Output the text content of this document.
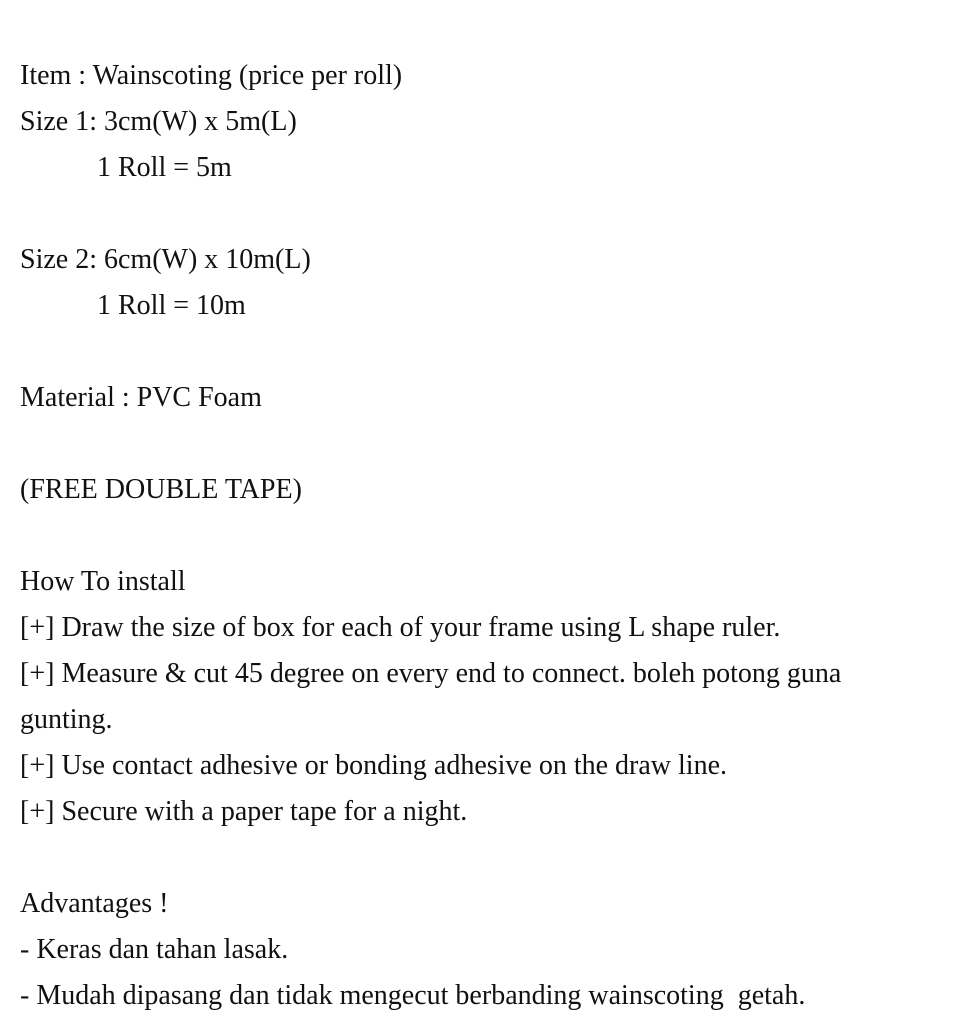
Item : Wainscoting (price per roll)
Size 1: 3cm(W) x 5m(L)
1 Roll = 5m
Size 2: 6cm(W) x 10m(L)
1 Roll = 10m
Material : PVC Foam
(FREE DOUBLE TAPE)
How To install
[+] Draw the size of box for each of your frame using L shape ruler.
[+] Measure & cut 45 degree on every end to connect. boleh potong guna gunting.
[+] Use contact adhesive or bonding adhesive on the draw line.
[+] Secure with a paper tape for a night.
Advantages !
- Keras dan tahan lasak.
- Mudah dipasang dan tidak mengecut berbanding wainscoting  getah.
